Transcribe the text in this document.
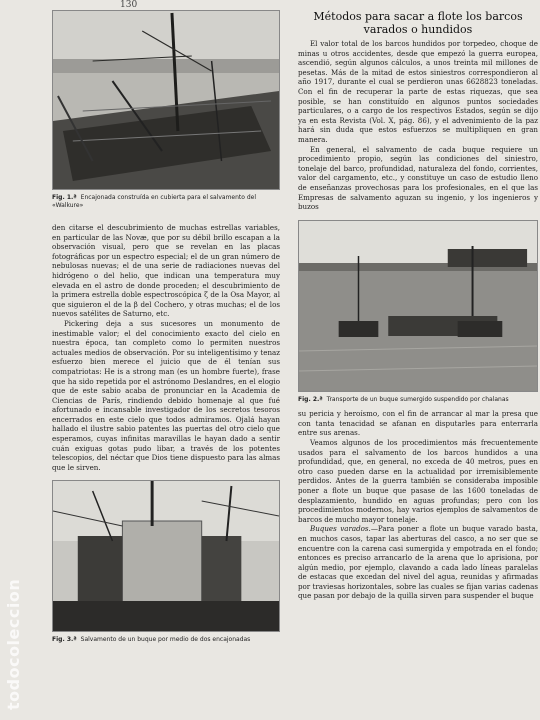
130
Fig. 1.ª Encajonada construída en cubierta para el salvamento del «Walkure»

den citarse el descubrimiento de muchas estrellas variables, en particular de las Novæ, que por su débil brillo escapan a la observación visual, pero que se revelan en las placas fotográficas por un espectro especial; el de un gran número de nebulosas nuevas; el de una serie de radiaciones nuevas del hidrógeno o del helio, que indican una temperatura muy elevada en el astro de donde proceden; el descubrimiento de la primera estrella doble espectroscópica ζ de la Osa Mayor, al que siguieron el de la β del Cochero, y otras muchas; el de los nuevos satélites de Saturno, etc.

Pickering deja a sus sucesores un monumento de inestimable valor; el del conocimiento exacto del cielo en nuestra época, tan completo como lo permiten nuestros actuales medios de observación. Por su inteligentísimo y tenaz esfuerzo bien merece el juicio que de él tenían sus compatriotas: He is a strong man (es un hombre fuerte), frase que ha sido repetida por el astrónomo Deslandres, en el elogio que de este sabio acaba de pronunciar en la Academia de Ciencias de París, rindiendo debido homenaje al que fué afortunado e incansable investigador de los secretos tesoros encerrados en este cielo que todos admiramos. Ojalá hayan hallado el ilustre sabio patentes las puertas del otro cielo que esperamos, cuyas infinitas maravillas le hayan dado a sentir cuán exiguas gotas pudo libar, a través de los potentes telescopios, del néctar que Dios tiene dispuesto para las almas que le sirven.

Fig. 3.ª Salvamento de un buque por medio de dos encajonadas
Métodos para sacar a flote los barcos varados o hundidos

El valor total de los barcos hundidos por torpedeo, choque de minas u otros accidentes, desde que empezó la guerra europea, ascendió, según algunos cálculos, a unos treinta mil millones de pesetas. Más de la mitad de estos siniestros correspondieron al año 1917, durante el cual se perdieron unas 6628823 toneladas. Con el fin de recuperar la parte de estas riquezas, que sea posible, se han constituído en algunos puntos sociedades particulares, o a cargo de los respectivos Estados, según se dijo ya en esta Revista (Vol. X, pág. 86), y el advenimiento de la paz hará sin duda que estos esfuerzos se multipliquen en gran manera.

En general, el salvamento de cada buque requiere un procedimiento propio, según las condiciones del siniestro, tonelaje del barco, profundidad, naturaleza del fondo, corrientes, valor del cargamento, etc., y constituye un caso de estudio lleno de enseñanzas provechosas para los profesionales, en el que las Empresas de salvamento aguzan su ingenio, y los ingenieros y buzos

Fig. 2.ª Transporte de un buque sumergido suspendido por chalanas

su pericia y heroísmo, con el fin de arrancar al mar la presa que con tanta tenacidad se afanan en disputarles para enterrarla entre sus arenas.

Veamos algunos de los procedimientos más frecuentemente usados para el salvamento de los barcos hundidos a una profundidad, que, en general, no exceda de 40 metros, pues en otro caso pueden darse en la actualidad por irremisiblemente perdidos. Antes de la guerra también se consideraba imposible poner a flote un buque que pasase de las 1600 toneladas de desplazamiento, hundido en aguas profundas; pero con los procedimientos modernos, hay varios ejemplos de salvamentos de barcos de mucho mayor tonelaje.

Buques varados.—Para poner a flote un buque varado basta, en muchos casos, tapar las aberturas del casco, a no ser que se encuentre con la carena casi sumergida y empotrada en el fondo; entonces es preciso arrancarlo de la arena que lo aprisiona, por algún medio, por ejemplo, clavando a cada lado líneas paralelas de estacas que excedan del nivel del agua, reunidas y afirmadas por traviesas horizontales, sobre las cuales se fijan varias cadenas que pasan por debajo de la quilla sirven para suspender el buque

todocoleccion
